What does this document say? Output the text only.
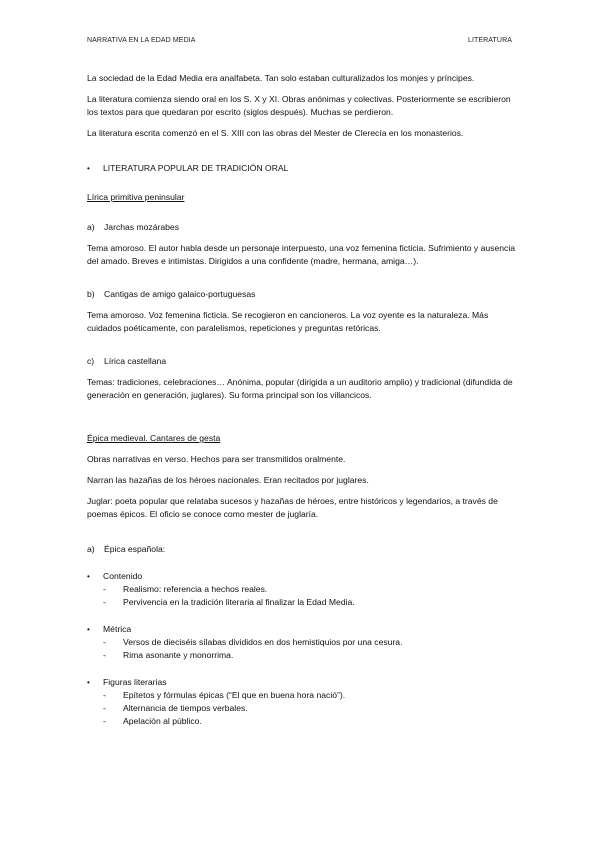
NARRATIVA EN LA EDAD MEDIA	LITERATURA

La sociedad de la Edad Media era analfabeta. Tan solo estaban culturalizados los monjes y príncipes.

La literatura comienza siendo oral en los S. X y XI. Obras anónimas y colectivas. Posteriormente se escribieron los textos para que quedaran por escrito (siglos después). Muchas se perdieron.

La literatura escrita comenzó en el S. XIII con las obras del Mester de Clerecía en los monasterios.

•	LITERATURA POPULAR DE TRADICIÓN ORAL

Lírica primitiva peninsular

a)	Jarchas mozárabes

Tema amoroso. El autor habla desde un personaje interpuesto, una voz femenina ficticia. Sufrimiento y ausencia del amado. Breves e intimistas. Dirigidos a una confidente (madre, hermana, amiga…).

b)	Cantigas de amigo galaico-portuguesas

Tema amoroso. Voz femenina ficticia. Se recogieron en cancioneros. La voz oyente es la naturaleza. Más cuidados poéticamente, con paralelismos, repeticiones y preguntas retóricas.

c)	Lírica castellana

Temas: tradiciones, celebraciones… Anónima, popular (dirigida a un auditorio amplio) y tradicional (difundida de generación en generación, juglares). Su forma principal son los villancicos.

Épica medieval. Cantares de gesta

Obras narrativas en verso. Hechos para ser transmitidos oralmente.

Narran las hazañas de los héroes nacionales. Eran recitados por juglares.

Juglar: poeta popular que relataba sucesos y hazañas de héroes, entre históricos y legendarios, a través de poemas épicos. El oficio se conoce como mester de juglaría.

a)	Épica española:
•	Contenido
-	Realismo: referencia a hechos reales.
-	Pervivencia en la tradición literaria al finalizar la Edad Media.
•	Métrica
-	Versos de dieciséis sílabas divididos en dos hemistiquios por una cesura.
-	Rima asonante y monorrima.
•	Figuras literarias
-	Epítetos y fórmulas épicas (“El que en buena hora nació”).
-	Alternancia de tiempos verbales.
-	Apelación al público.
